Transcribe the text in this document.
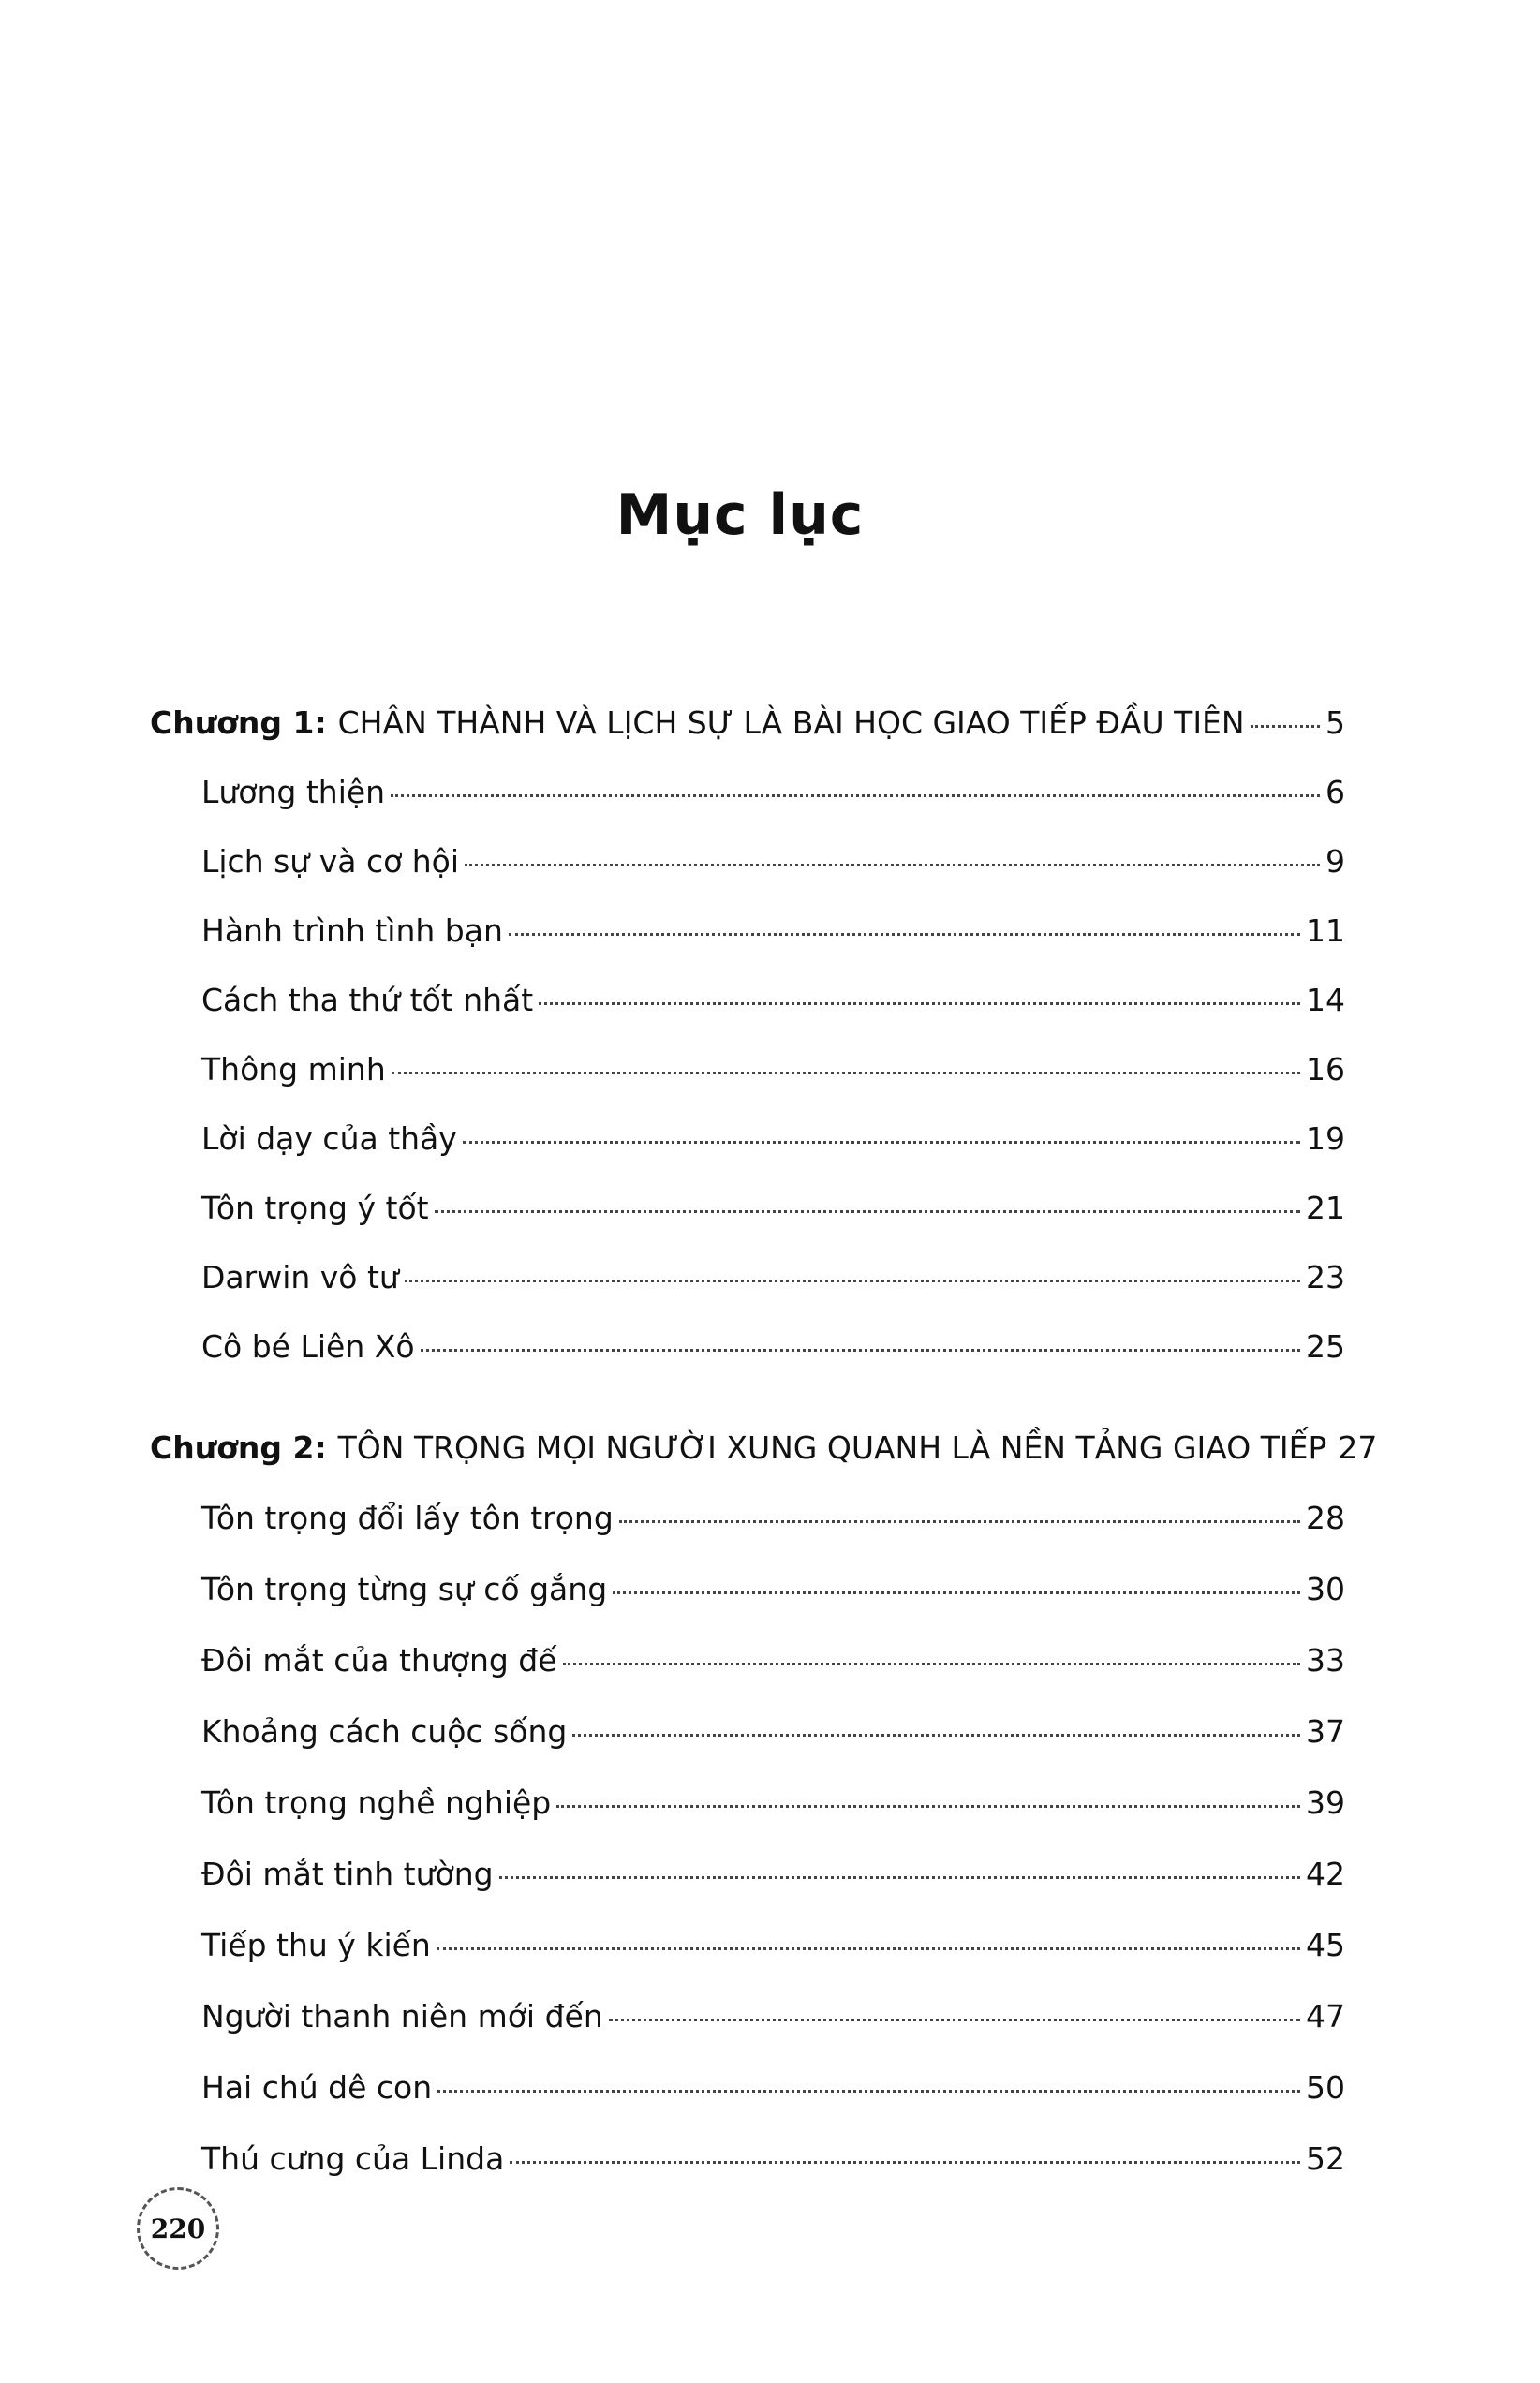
Mục lục
Chương 1: CHÂN THÀNH VÀ LỊCH SỰ LÀ BÀI HỌC GIAO TIẾP ĐẦU TIÊN	5
Lương thiện	6
Lịch sự và cơ hội	9
Hành trình tình bạn	11
Cách tha thứ tốt nhất	14
Thông minh	16
Lời dạy của thầy	19
Tôn trọng ý tốt	21
Darwin vô tư	23
Cô bé Liên Xô	25
Chương 2: TÔN TRỌNG MỌI NGƯỜI XUNG QUANH LÀ NỀN TẢNG GIAO TIẾP 27
Tôn trọng đổi lấy tôn trọng	28
Tôn trọng từng sự cố gắng	30
Đôi mắt của thượng đế	33
Khoảng cách cuộc sống	37
Tôn trọng nghề nghiệp	39
Đôi mắt tinh tường	42
Tiếp thu ý kiến	45
Người thanh niên mới đến	47
Hai chú dê con	50
Thú cưng của Linda	52
220
